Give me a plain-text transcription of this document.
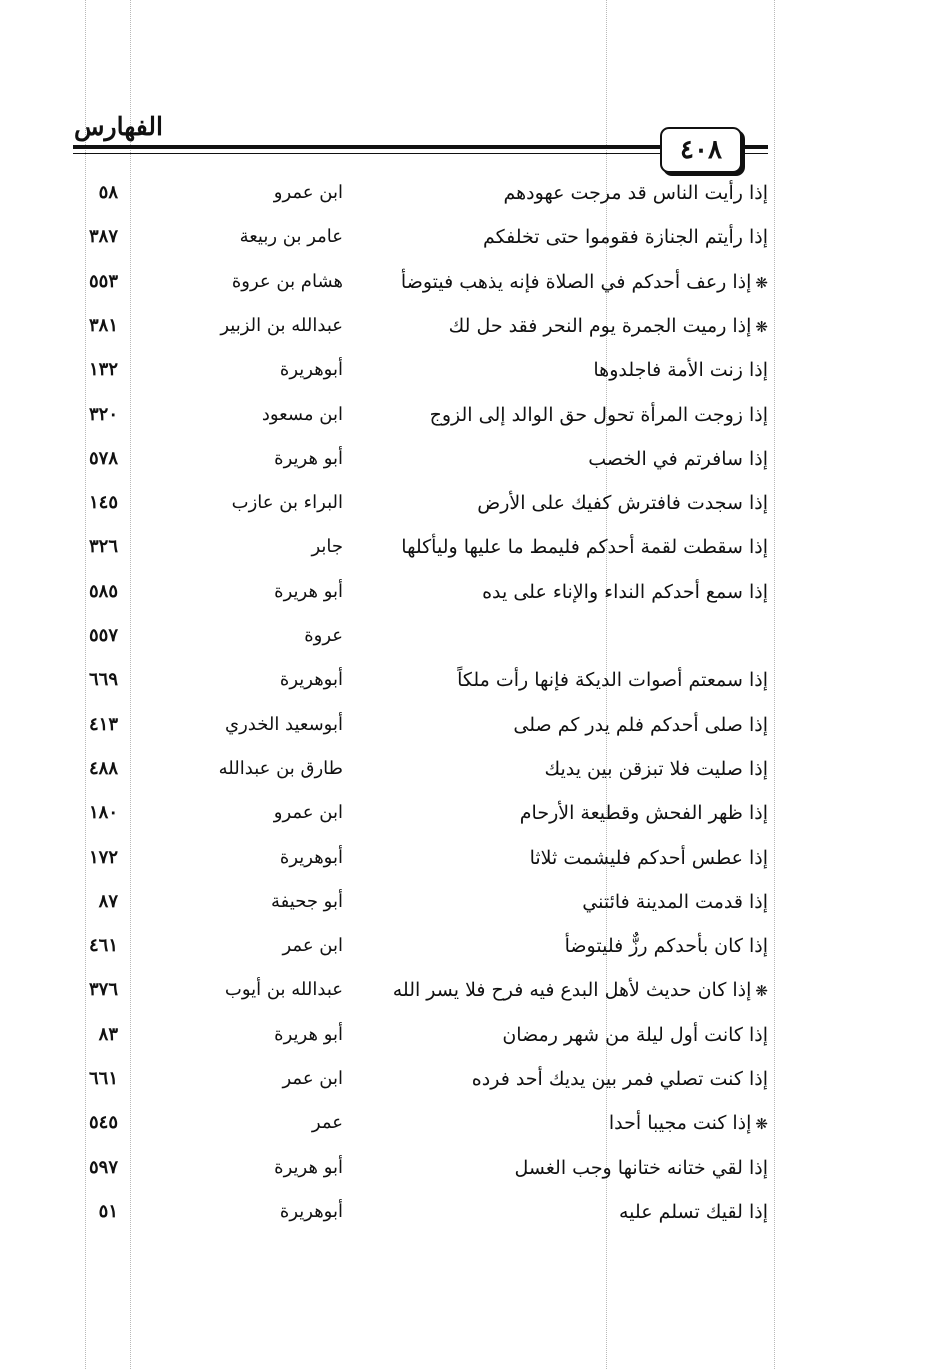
الفهارس
٤٠٨
إذا رأيت الناس قد مرجت عهودهم
ابن عمرو
٥٨
إذا رأيتم الجنازة فقوموا حتى تخلفكم
عامر بن ربيعة
٣٨٧
❋إذا رعف أحدكم في الصلاة فإنه يذهب فيتوضأ
هشام بن عروة
٥٥٣
❋إذا رميت الجمرة يوم النحر فقد حل لك
عبدالله بن الزبير
٣٨١
إذا زنت الأمة فاجلدوها
أبوهريرة
١٣٢
إذا زوجت المرأة تحول حق الوالد إلى الزوج
ابن مسعود
٣٢٠
إذا سافرتم في الخصب
أبو هريرة
٥٧٨
إذا سجدت فافترش كفيك على الأرض
البراء بن عازب
١٤٥
إذا سقطت لقمة أحدكم فليمط ما عليها وليأكلها
جابر
٣٢٦
إذا سمع أحدكم النداء والإناء على يده
أبو هريرة
٥٨٥
عروة
٥٥٧
إذا سمعتم أصوات الديكة فإنها رأت ملكاً
أبوهريرة
٦٦٩
إذا صلى أحدكم فلم يدر كم صلى
أبوسعيد الخدري
٤١٣
إذا صليت فلا تبزقن بين يديك
طارق بن عبدالله
٤٨٨
إذا ظهر الفحش وقطيعة الأرحام
ابن عمرو
١٨٠
إذا عطس أحدكم فليشمت ثلاثا
أبوهريرة
١٧٢
إذا قدمت المدينة فائتني
أبو جحيفة
٨٧
إذا كان بأحدكم رزٌّ فليتوضأ
ابن عمر
٤٦١
❋إذا كان حديث لأهل البدع فيه فرح فلا يسر الله
عبدالله بن أيوب
٣٧٦
إذا كانت أول ليلة من شهر رمضان
أبو هريرة
٨٣
إذا كنت تصلي فمر بين يديك أحد فرده
ابن عمر
٦٦١
❋إذا كنت مجيبا أحدا
عمر
٥٤٥
إذا لقي ختانه ختانها وجب الغسل
أبو هريرة
٥٩٧
إذا لقيك تسلم عليه
أبوهريرة
٥١
